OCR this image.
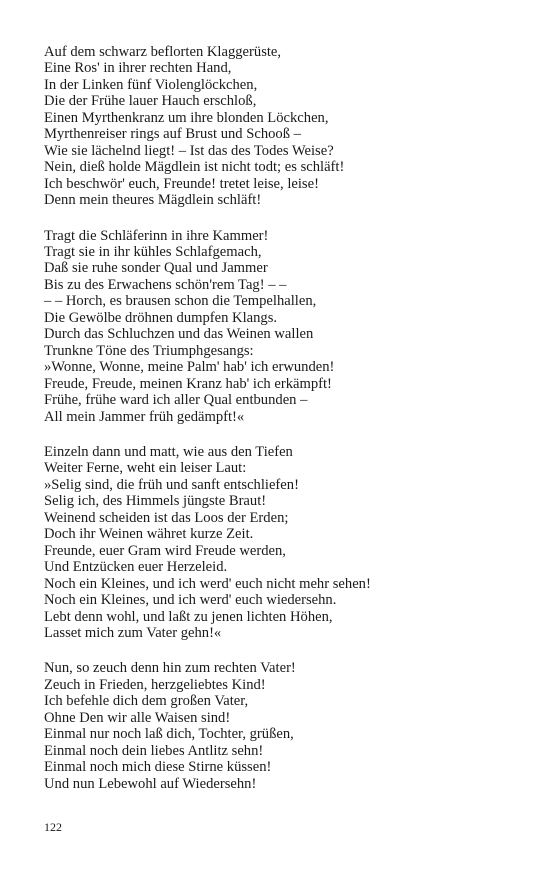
Auf dem schwarz beflorten Klaggerüste,
Eine Ros' in ihrer rechten Hand,
In der Linken fünf Violenglöckchen,
Die der Frühe lauer Hauch erschloß,
Einen Myrthenkranz um ihre blonden Löckchen,
Myrthenreiser rings auf Brust und Schooß –
Wie sie lächelnd liegt! – Ist das des Todes Weise?
Nein, dieß holde Mägdlein ist nicht todt; es schläft!
Ich beschwör' euch, Freunde! tretet leise, leise!
Denn mein theures Mägdlein schläft!
Tragt die Schläferinn in ihre Kammer!
Tragt sie in ihr kühles Schlafgemach,
Daß sie ruhe sonder Qual und Jammer
Bis zu des Erwachens schön'rem Tag! – –
– – Horch, es brausen schon die Tempelhallen,
Die Gewölbe dröhnen dumpfen Klangs.
Durch das Schluchzen und das Weinen wallen
Trunkne Töne des Triumphgesangs:
»Wonne, Wonne, meine Palm' hab' ich erwunden!
Freude, Freude, meinen Kranz hab' ich erkämpft!
Frühe, frühe ward ich aller Qual entbunden –
All mein Jammer früh gedämpft!«
Einzeln dann und matt, wie aus den Tiefen
Weiter Ferne, weht ein leiser Laut:
»Selig sind, die früh und sanft entschliefen!
Selig ich, des Himmels jüngste Braut!
Weinend scheiden ist das Loos der Erden;
Doch ihr Weinen währet kurze Zeit.
Freunde, euer Gram wird Freude werden,
Und Entzücken euer Herzeleid.
Noch ein Kleines, und ich werd' euch nicht mehr sehen!
Noch ein Kleines, und ich werd' euch wiedersehn.
Lebt denn wohl, und laßt zu jenen lichten Höhen,
Lasset mich zum Vater gehn!«
Nun, so zeuch denn hin zum rechten Vater!
Zeuch in Frieden, herzgeliebtes Kind!
Ich befehle dich dem großen Vater,
Ohne Den wir alle Waisen sind!
Einmal nur noch laß dich, Tochter, grüßen,
Einmal noch dein liebes Antlitz sehn!
Einmal noch mich diese Stirne küssen!
Und nun Lebewohl auf Wiedersehn!
122
